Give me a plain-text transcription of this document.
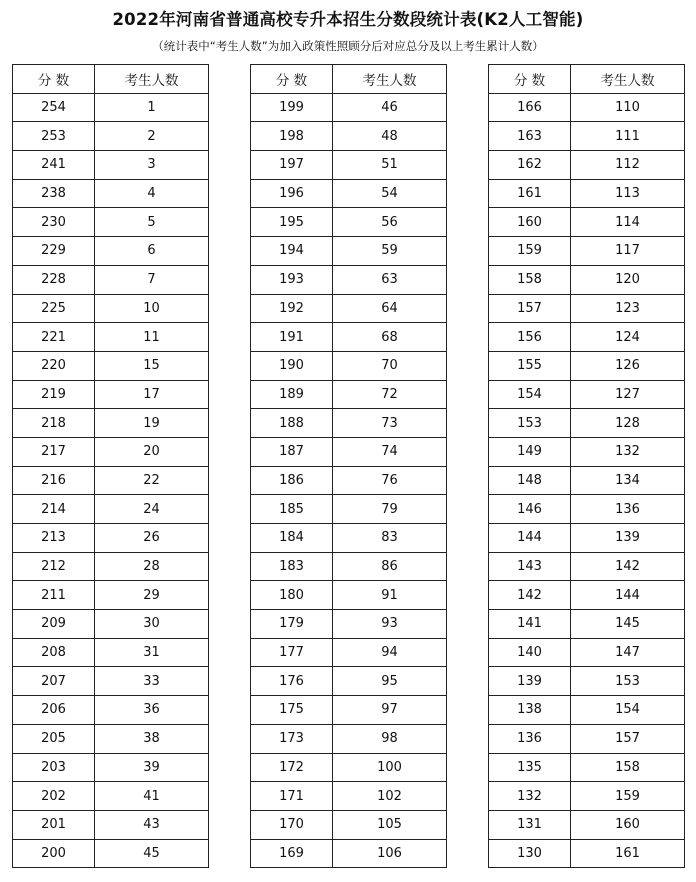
2022年河南省普通高校专升本招生分数段统计表(K2人工智能)
（统计表中“考生人数”为加入政策性照顾分后对应总分及以上考生累计人数）
分 数	考生人数
254	1
253	2
241	3
238	4
230	5
229	6
228	7
225	10
221	11
220	15
219	17
218	19
217	20
216	22
214	24
213	26
212	28
211	29
209	30
208	31
207	33
206	36
205	38
203	39
202	41
201	43
200	45
分 数	考生人数
199	46
198	48
197	51
196	54
195	56
194	59
193	63
192	64
191	68
190	70
189	72
188	73
187	74
186	76
185	79
184	83
183	86
180	91
179	93
177	94
176	95
175	97
173	98
172	100
171	102
170	105
169	106
分 数	考生人数
166	110
163	111
162	112
161	113
160	114
159	117
158	120
157	123
156	124
155	126
154	127
153	128
149	132
148	134
146	136
144	139
143	142
142	144
141	145
140	147
139	153
138	154
136	157
135	158
132	159
131	160
130	161
